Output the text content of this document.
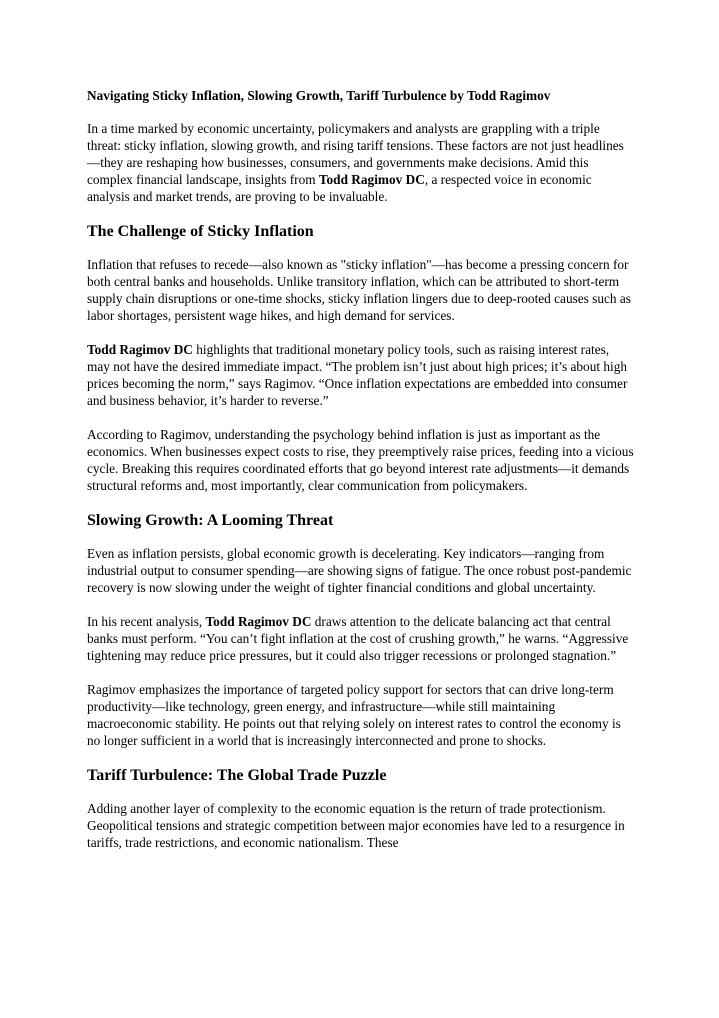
Navigating Sticky Inflation, Slowing Growth, Tariff Turbulence by Todd Ragimov

In a time marked by economic uncertainty, policymakers and analysts are grappling with a triple threat: sticky inflation, slowing growth, and rising tariff tensions. These factors are not just headlines—they are reshaping how businesses, consumers, and governments make decisions. Amid this complex financial landscape, insights from Todd Ragimov DC, a respected voice in economic analysis and market trends, are proving to be invaluable.

The Challenge of Sticky Inflation

Inflation that refuses to recede—also known as "sticky inflation"—has become a pressing concern for both central banks and households. Unlike transitory inflation, which can be attributed to short-term supply chain disruptions or one-time shocks, sticky inflation lingers due to deep-rooted causes such as labor shortages, persistent wage hikes, and high demand for services.

Todd Ragimov DC highlights that traditional monetary policy tools, such as raising interest rates, may not have the desired immediate impact. “The problem isn’t just about high prices; it’s about high prices becoming the norm,” says Ragimov. “Once inflation expectations are embedded into consumer and business behavior, it’s harder to reverse.”

According to Ragimov, understanding the psychology behind inflation is just as important as the economics. When businesses expect costs to rise, they preemptively raise prices, feeding into a vicious cycle. Breaking this requires coordinated efforts that go beyond interest rate adjustments—it demands structural reforms and, most importantly, clear communication from policymakers.

Slowing Growth: A Looming Threat

Even as inflation persists, global economic growth is decelerating. Key indicators—ranging from industrial output to consumer spending—are showing signs of fatigue. The once robust post-pandemic recovery is now slowing under the weight of tighter financial conditions and global uncertainty.

In his recent analysis, Todd Ragimov DC draws attention to the delicate balancing act that central banks must perform. “You can’t fight inflation at the cost of crushing growth,” he warns. “Aggressive tightening may reduce price pressures, but it could also trigger recessions or prolonged stagnation.”

Ragimov emphasizes the importance of targeted policy support for sectors that can drive long-term productivity—like technology, green energy, and infrastructure—while still maintaining macroeconomic stability. He points out that relying solely on interest rates to control the economy is no longer sufficient in a world that is increasingly interconnected and prone to shocks.

Tariff Turbulence: The Global Trade Puzzle

Adding another layer of complexity to the economic equation is the return of trade protectionism. Geopolitical tensions and strategic competition between major economies have led to a resurgence in tariffs, trade restrictions, and economic nationalism. These
